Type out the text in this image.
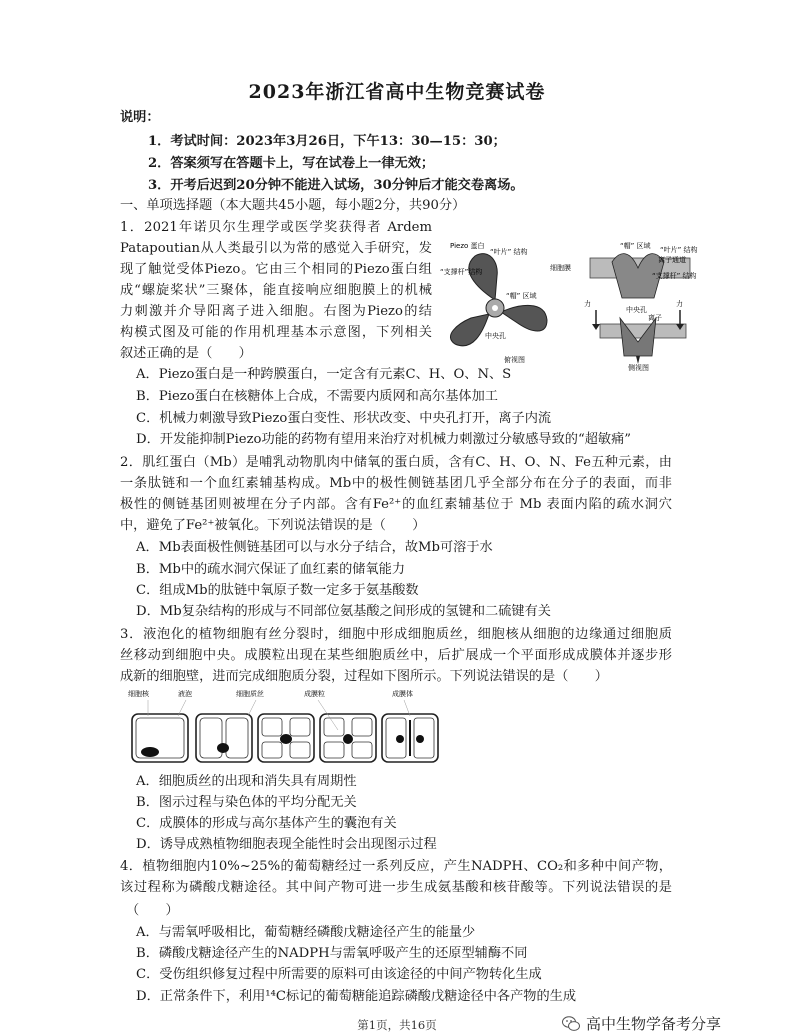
2023年浙江省高中生物竞赛试卷
说明：
1．考试时间：2023年3月26日，下午13：30—15：30；
2．答案须写在答题卡上，写在试卷上一律无效；
3．开考后迟到20分钟不能进入试场，30分钟后才能交卷离场。
一、单项选择题（本大题共45小题，每小题2分，共90分）
1．2021年诺贝尔生理学或医学奖获得者 Ardem
Patapoutian从人类最引以为常的感觉入手研究，发
现了触觉受体Piezo。它由三个相同的Piezo蛋白组
成“螺旋桨状”三聚体，能直接响应细胞膜上的机械
力刺激并介导阳离子进入细胞。右图为Piezo的结
构模式图及可能的作用机理基本示意图，下列相关
叙述正确的是（　　）
A．Piezo蛋白是一种跨膜蛋白，一定含有元素C、H、O、N、S
B．Piezo蛋白在核糖体上合成，不需要内质网和高尔基体加工
C．机械力刺激导致Piezo蛋白变性、形状改变、中央孔打开，离子内流
D．开发能抑制Piezo功能的药物有望用来治疗对机械力刺激过分敏感导致的“超敏痛”
Piezo 蛋白
“叶片” 结构
“支撑杆”结构
“帽” 区域
中央孔
俯视图
细胞膜
“帽” 区域 “叶片” 结构
离子通道
“支撑杆” 结构
中央孔
力	力
离子
侧视图
2．肌红蛋白（Mb）是哺乳动物肌肉中储氧的蛋白质，含有C、H、O、N、Fe五种元素，由
一条肽链和一个血红素辅基构成。Mb中的极性侧链基团几乎全部分布在分子的表面，而非
极性的侧链基团则被埋在分子内部。含有Fe²⁺的血红素辅基位于 Mb 表面内陷的疏水洞穴
中，避免了Fe²⁺被氧化。下列说法错误的是（　　）
A．Mb表面极性侧链基团可以与水分子结合，故Mb可溶于水
B．Mb中的疏水洞穴保证了血红素的储氧能力
C．组成Mb的肽链中氧原子数一定多于氨基酸数
D．Mb复杂结构的形成与不同部位氨基酸之间形成的氢键和二硫键有关
3．液泡化的植物细胞有丝分裂时，细胞中形成细胞质丝，细胞核从细胞的边缘通过细胞质
丝移动到细胞中央。成膜粒出现在某些细胞质丝中，后扩展成一个平面形成成膜体并逐步形
成新的细胞壁，进而完成细胞质分裂，过程如下图所示。下列说法错误的是（　　）
细胞核	液泡	细胞质丝	成膜粒	成膜体
A．细胞质丝的出现和消失具有周期性
B．图示过程与染色体的平均分配无关
C．成膜体的形成与高尔基体产生的囊泡有关
D．诱导成熟植物细胞表现全能性时会出现图示过程
4．植物细胞内10%~25%的葡萄糖经过一系列反应，产生NADPH、CO₂和多种中间产物，
该过程称为磷酸戊糖途径。其中间产物可进一步生成氨基酸和核苷酸等。下列说法错误的是
（　　）
A．与需氧呼吸相比，葡萄糖经磷酸戊糖途径产生的能量少
B．磷酸戊糖途径产生的NADPH与需氧呼吸产生的还原型辅酶不同
C．受伤组织修复过程中所需要的原料可由该途径的中间产物转化生成
D．正常条件下，利用¹⁴C标记的葡萄糖能追踪磷酸戊糖途径中各产物的生成
高中生物学备考分享
第1页，共16页
